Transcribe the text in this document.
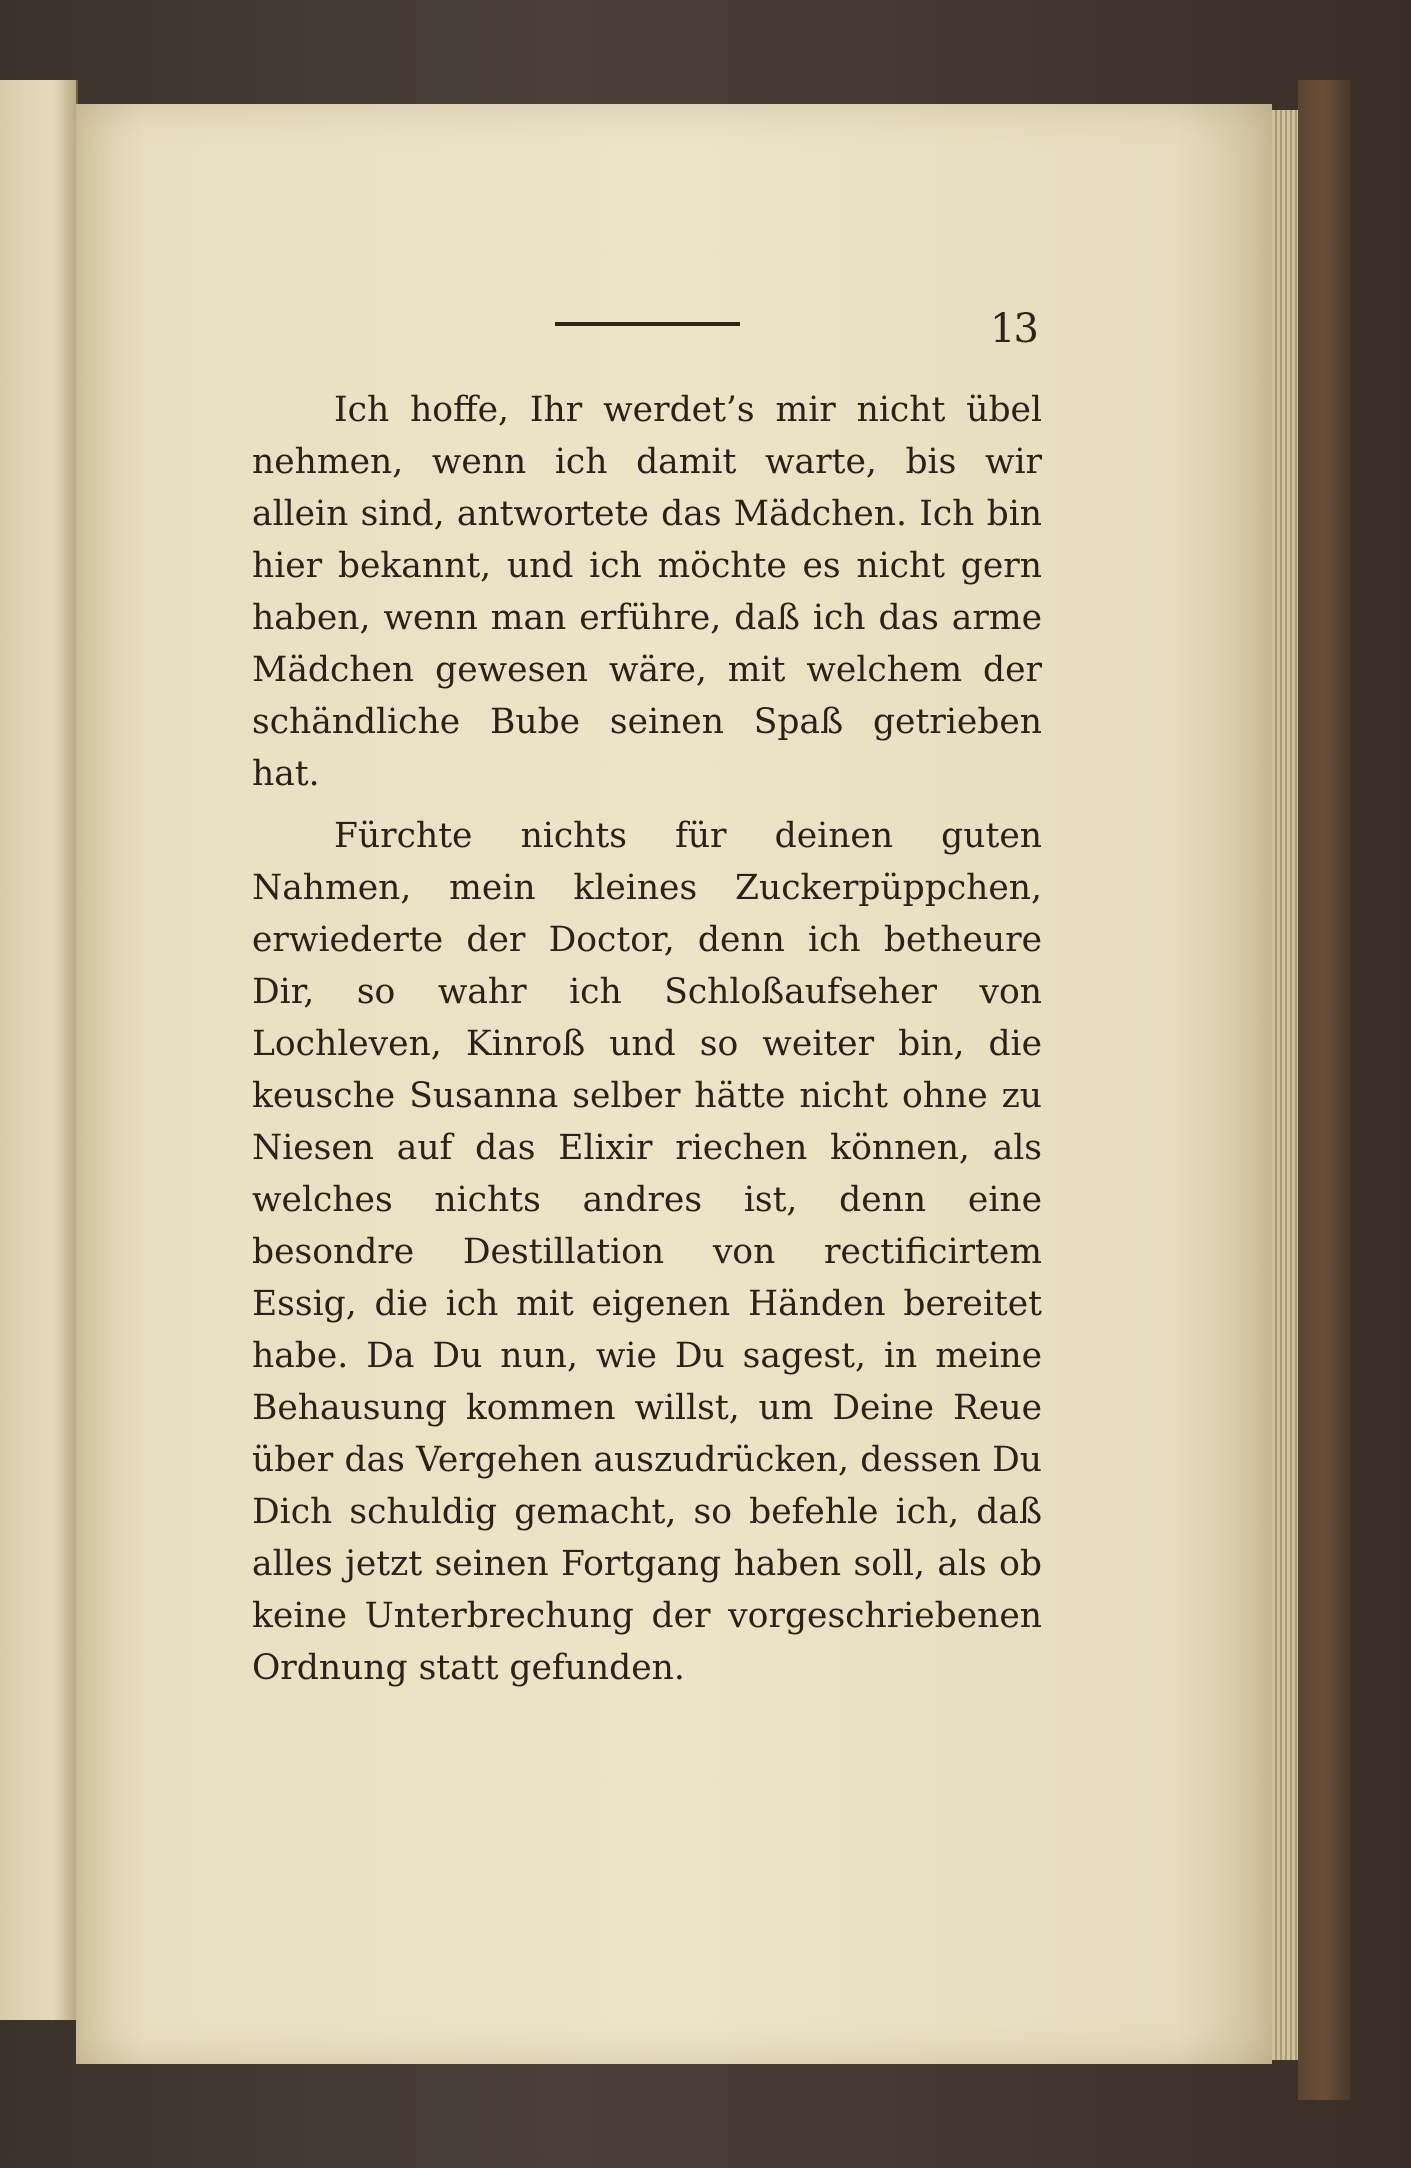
13

Ich hoffe, Ihr werdet’s mir nicht übel nehmen, wenn ich damit warte, bis wir allein sind, antwortete das Mädchen. Ich bin hier bekannt, und ich möchte es nicht gern haben, wenn man erführe, daß ich das arme Mädchen gewesen wäre, mit welchem der schändliche Bube seinen Spaß getrieben hat.

Fürchte nichts für deinen guten Nahmen, mein kleines Zuckerpüppchen, erwiederte der Doctor, denn ich betheure Dir, so wahr ich Schloßaufseher von Lochleven, Kinroß und so weiter bin, die keusche Susanna selber hätte nicht ohne zu Niesen auf das Elixir riechen können, als welches nichts andres ist, denn eine besondre Destillation von rectificirtem Essig, die ich mit eigenen Händen bereitet habe. Da Du nun, wie Du sagest, in meine Behausung kommen willst, um Deine Reue über das Vergehen auszudrücken, dessen Du Dich schuldig gemacht, so befehle ich, daß alles jetzt seinen Fortgang haben soll, als ob keine Unterbrechung der vorgeschriebenen Ordnung statt gefunden.
